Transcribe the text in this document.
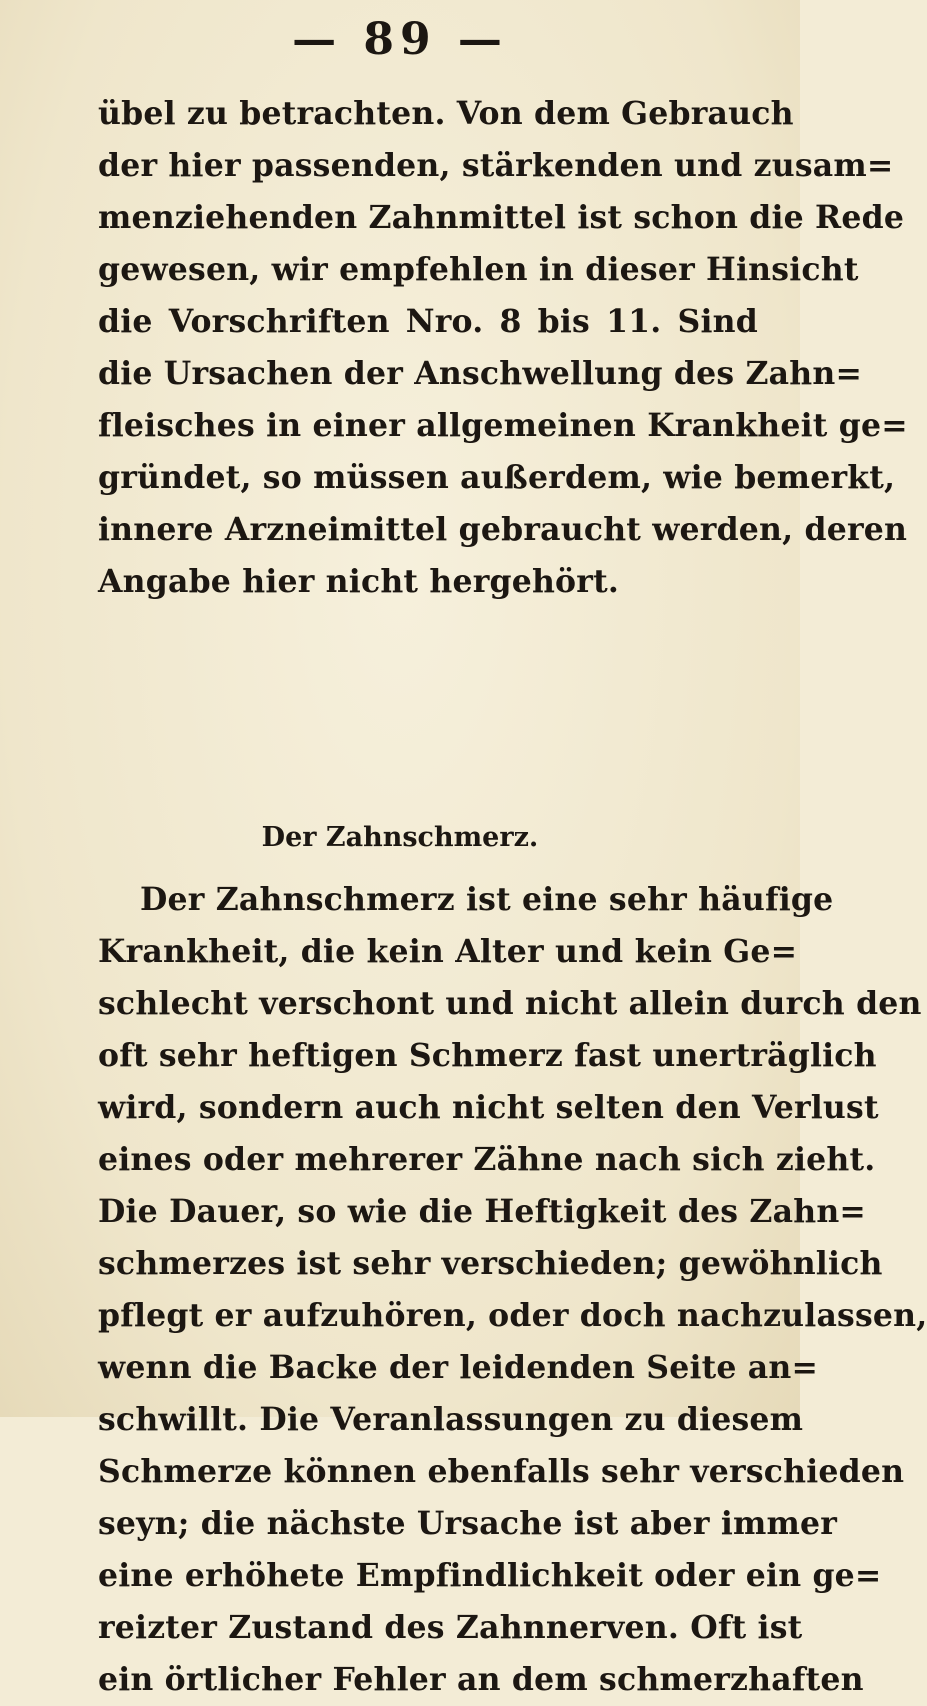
— 89 —
übel zu betrachten. Von dem Gebrauch
der hier passenden, stärkenden und zusam=
menziehenden Zahnmittel ist schon die Rede
gewesen, wir empfehlen in dieser Hinsicht
die Vorschriften Nro. 8 bis 11. Sind
die Ursachen der Anschwellung des Zahn=
fleisches in einer allgemeinen Krankheit ge=
gründet, so müssen außerdem, wie bemerkt,
innere Arzneimittel gebraucht werden, deren
Angabe hier nicht hergehört.
Der Zahnschmerz.
Der Zahnschmerz ist eine sehr häufige
Krankheit, die kein Alter und kein Ge=
schlecht verschont und nicht allein durch den
oft sehr heftigen Schmerz fast unerträglich
wird, sondern auch nicht selten den Verlust
eines oder mehrerer Zähne nach sich zieht.
Die Dauer, so wie die Heftigkeit des Zahn=
schmerzes ist sehr verschieden; gewöhnlich
pflegt er aufzuhören, oder doch nachzulassen,
wenn die Backe der leidenden Seite an=
schwillt. Die Veranlassungen zu diesem
Schmerze können ebenfalls sehr verschieden
seyn; die nächste Ursache ist aber immer
eine erhöhete Empfindlichkeit oder ein ge=
reizter Zustand des Zahnnerven. Oft ist
ein örtlicher Fehler an dem schmerzhaften
